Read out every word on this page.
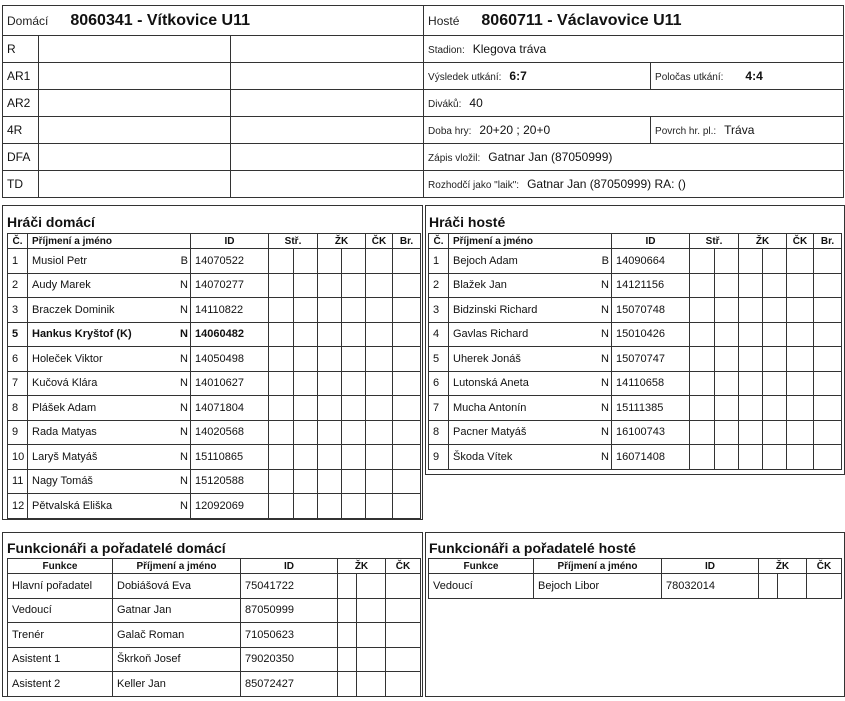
Domácí 8060341 - Vítkovice U11			Hosté 8060711 - Václavovice U11	
R			Stadion: Klegova tráva	
AR1			Výsledek utkání: 6:7	Poločas utkání: 4:4
AR2			Diváků: 40	
4R			Doba hry: 20+20 ; 20+0	Povrch hr. pl.: Tráva
DFA			Zápis vložil: Gatnar Jan (87050999)	
TD			Rozhodčí jako "laik": Gatnar Jan (87050999) RA: ()	
Hráči domácí
Č.	Příjmení a jméno		ID	Stř.		ŽK		ČK	Br.
1	Musiol Petr	B	14070522						
2	Audy Marek	N	14070277						
3	Braczek Dominik	N	14110822						
5	Hankus Kryštof (K)	N	14060482						
6	Holeček Viktor	N	14050498						
7	Kučová Klára	N	14010627						
8	Plášek Adam	N	14071804						
9	Rada Matyas	N	14020568						
10	Laryš Matyáš	N	15110865						
11	Nagy Tomáš	N	15120588						
12	Pětvalská Eliška	N	12092069						
Hráči hosté
Č.	Příjmení a jméno		ID	Stř.		ŽK		ČK	Br.
1	Bejoch Adam	B	14090664						
2	Blažek Jan	N	14121156						
3	Bidzinski Richard	N	15070748						
4	Gavlas Richard	N	15010426						
5	Uherek Jonáš	N	15070747						
6	Lutonská Aneta	N	14110658						
7	Mucha Antonín	N	15111385						
8	Pacner Matyáš	N	16100743						
9	Škoda Vítek	N	16071408						
Funkcionáři a pořadatelé domácí
Funkce	Příjmení a jméno	ID	ŽK		ČK
Hlavní pořadatel	Dobiášová Eva	75041722			
Vedoucí	Gatnar Jan	87050999			
Trenér	Galač Roman	71050623			
Asistent 1	Škrkoň Josef	79020350			
Asistent 2	Keller Jan	85072427			
Funkcionáři a pořadatelé hosté
Funkce	Příjmení a jméno	ID	ŽK		ČK
Vedoucí	Bejoch Libor	78032014			
